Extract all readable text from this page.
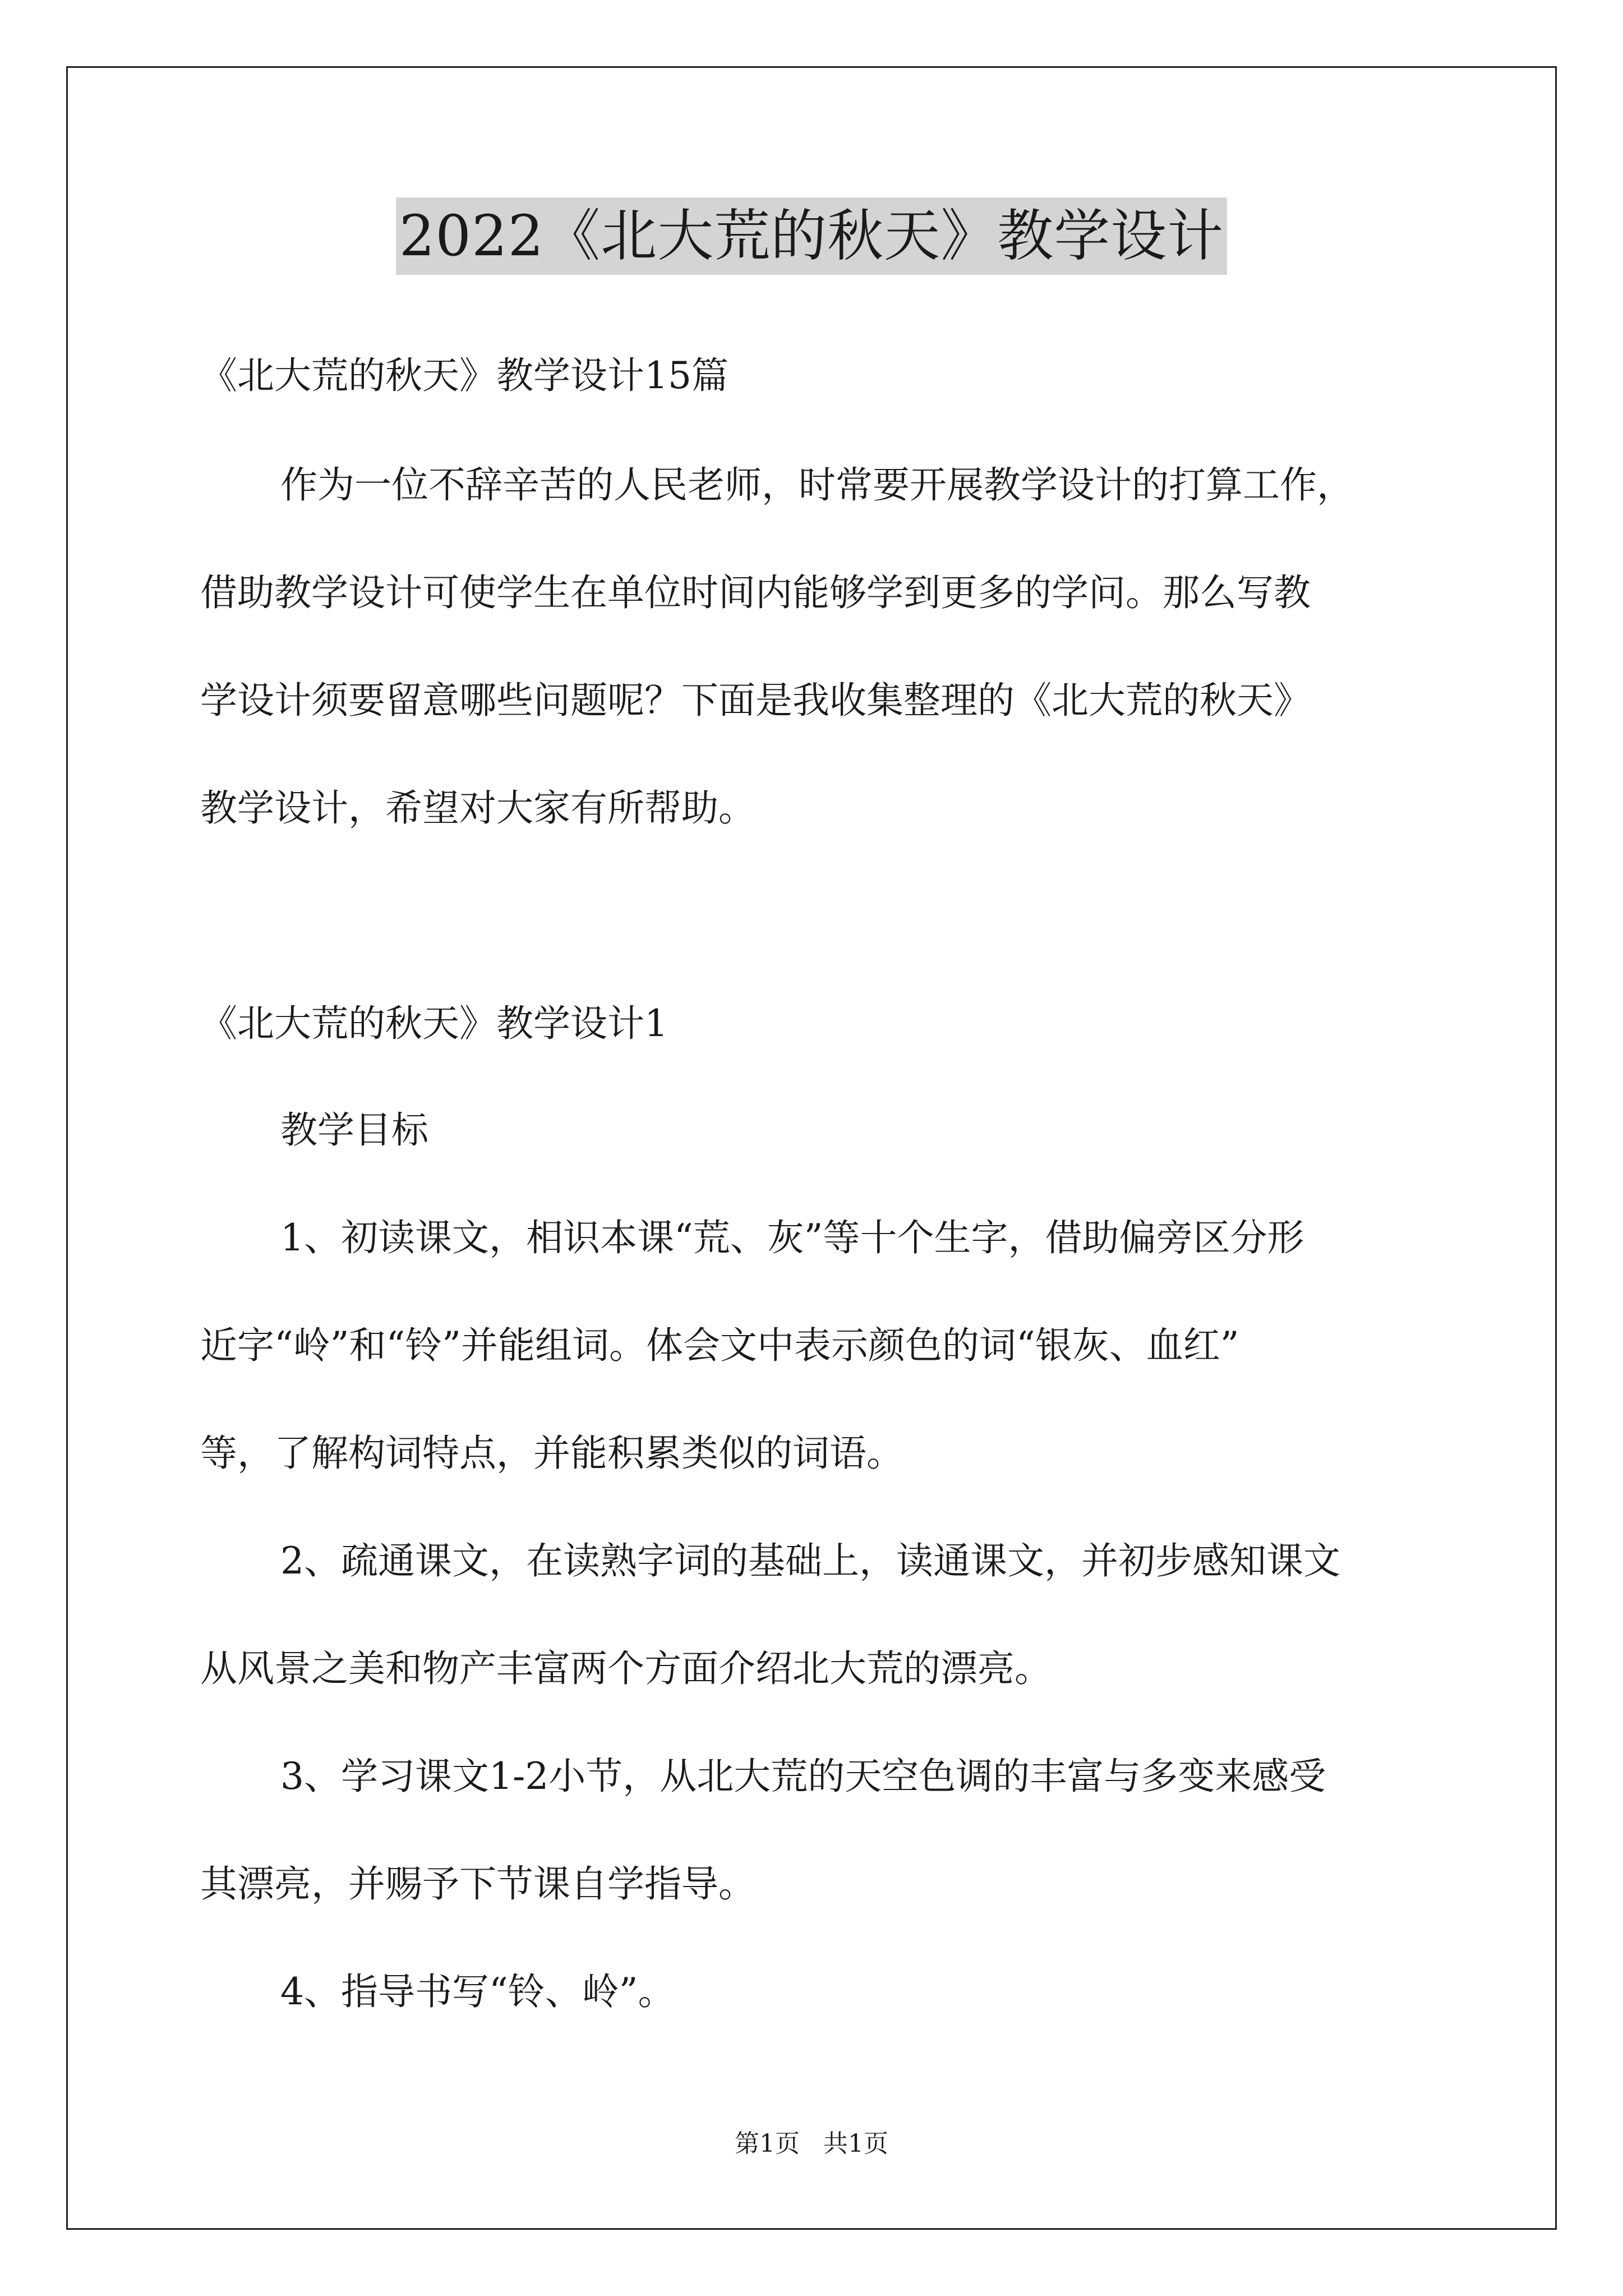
2022《北大荒的秋天》教学设计
《北大荒的秋天》教学设计15篇
作为一位不辞辛苦的人民老师，时常要开展教学设计的打算工作，
借助教学设计可使学生在单位时间内能够学到更多的学问。那么写教
学设计须要留意哪些问题呢？下面是我收集整理的《北大荒的秋天》
教学设计，希望对大家有所帮助。
《北大荒的秋天》教学设计1
教学目标
1、初读课文，相识本课“荒、灰”等十个生字，借助偏旁区分形
近字“岭”和“铃”并能组词。体会文中表示颜色的词“银灰、血红”
等，了解构词特点，并能积累类似的词语。
2、疏通课文，在读熟字词的基础上，读通课文，并初步感知课文
从风景之美和物产丰富两个方面介绍北大荒的漂亮。
3、学习课文1-2小节，从北大荒的天空色调的丰富与多变来感受
其漂亮，并赐予下节课自学指导。
4、指导书写“铃、岭”。
第1页 共1页
